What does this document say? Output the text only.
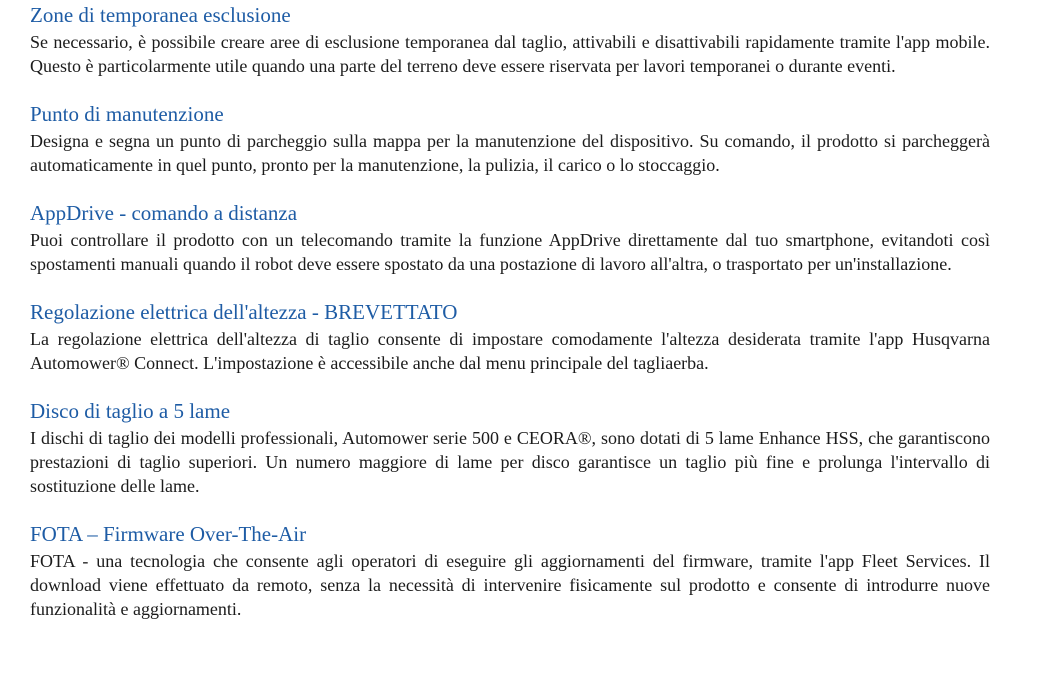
Zone di temporanea esclusione

Se necessario, è possibile creare aree di esclusione temporanea dal taglio, attivabili e disattivabili rapidamente tramite l'app mobile. Questo è particolarmente utile quando una parte del terreno deve essere riservata per lavori temporanei o durante eventi.

Punto di manutenzione

Designa e segna un punto di parcheggio sulla mappa per la manutenzione del dispositivo. Su comando, il prodotto si parcheggerà automaticamente in quel punto, pronto per la manutenzione, la pulizia, il carico o lo stoccaggio.

AppDrive - comando a distanza

Puoi controllare il prodotto con un telecomando tramite la funzione AppDrive direttamente dal tuo smartphone, evitandoti così spostamenti manuali quando il robot deve essere spostato da una postazione di lavoro all'altra, o trasportato per un'installazione.

Regolazione elettrica dell'altezza - BREVETTATO

La regolazione elettrica dell'altezza di taglio consente di impostare comodamente l'altezza desiderata tramite l'app Husqvarna Automower® Connect. L'impostazione è accessibile anche dal menu principale del tagliaerba.

Disco di taglio a 5 lame

I dischi di taglio dei modelli professionali, Automower serie 500 e CEORA®, sono dotati di 5 lame Enhance HSS, che garantiscono prestazioni di taglio superiori. Un numero maggiore di lame per disco garantisce un taglio più fine e prolunga l'intervallo di sostituzione delle lame.

FOTA – Firmware Over-The-Air

FOTA - una tecnologia che consente agli operatori di eseguire gli aggiornamenti del firmware, tramite l'app Fleet Services. Il download viene effettuato da remoto, senza la necessità di intervenire fisicamente sul prodotto e consente di introdurre nuove funzionalità e aggiornamenti.
